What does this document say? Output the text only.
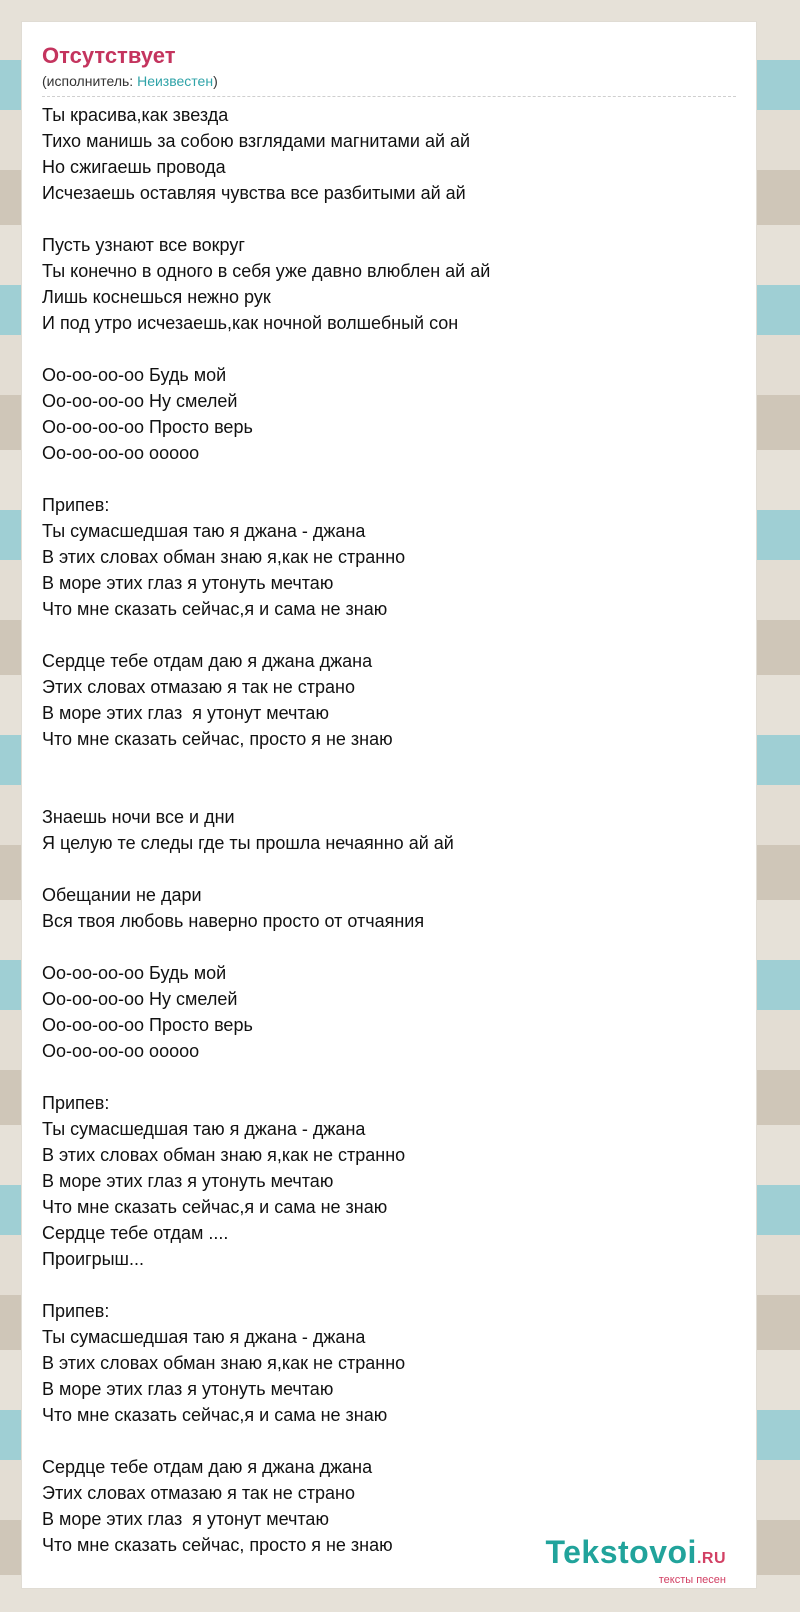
Отсутствует
(исполнитель: Неизвестен)
Ты красива,как звезда
Тихо манишь за собою взглядами магнитами ай ай
Но сжигаешь провода
Исчезаешь оставляя чувства все разбитыми ай ай
Пусть узнают все вокруг
Ты конечно в одного в себя уже давно влюблен ай ай
Лишь коснешься нежно рук
И под утро исчезаешь,как ночной волшебный сон
Оо-оо-оо-оо Будь мой
Оо-оо-оо-оо Ну смелей
Оо-оо-оо-оо Просто верь
Оо-оо-оо-оо ооооо
Припев:
Ты сумасшедшая таю я джана - джана
В этих словах обман знаю я,как не странно
В море этих глаз я утонуть мечтаю
Что мне сказать сейчас,я и сама не знаю
Сердце тебе отдам даю я джана джана
Этих словах отмазаю я так не страно
В море этих глаз  я утонут мечтаю
Что мне сказать сейчас, просто я не знаю
Знаешь ночи все и дни
Я целую те следы где ты прошла нечаянно ай ай
Обещании не дари
Вся твоя любовь наверно просто от отчаяния
Оо-оо-оо-оо Будь мой
Оо-оо-оо-оо Ну смелей
Оо-оо-оо-оо Просто верь
Оо-оо-оо-оо ооооо
Припев:
Ты сумасшедшая таю я джана - джана
В этих словах обман знаю я,как не странно
В море этих глаз я утонуть мечтаю
Что мне сказать сейчас,я и сама не знаю
Сердце тебе отдам ....
Проигрыш...
Припев:
Ты сумасшедшая таю я джана - джана
В этих словах обман знаю я,как не странно
В море этих глаз я утонуть мечтаю
Что мне сказать сейчас,я и сама не знаю
Сердце тебе отдам даю я джана джана
Этих словах отмазаю я так не страно
В море этих глаз  я утонут мечтаю
Что мне сказать сейчас, просто я не знаю	Tekstovoi.RU
тексты песен
